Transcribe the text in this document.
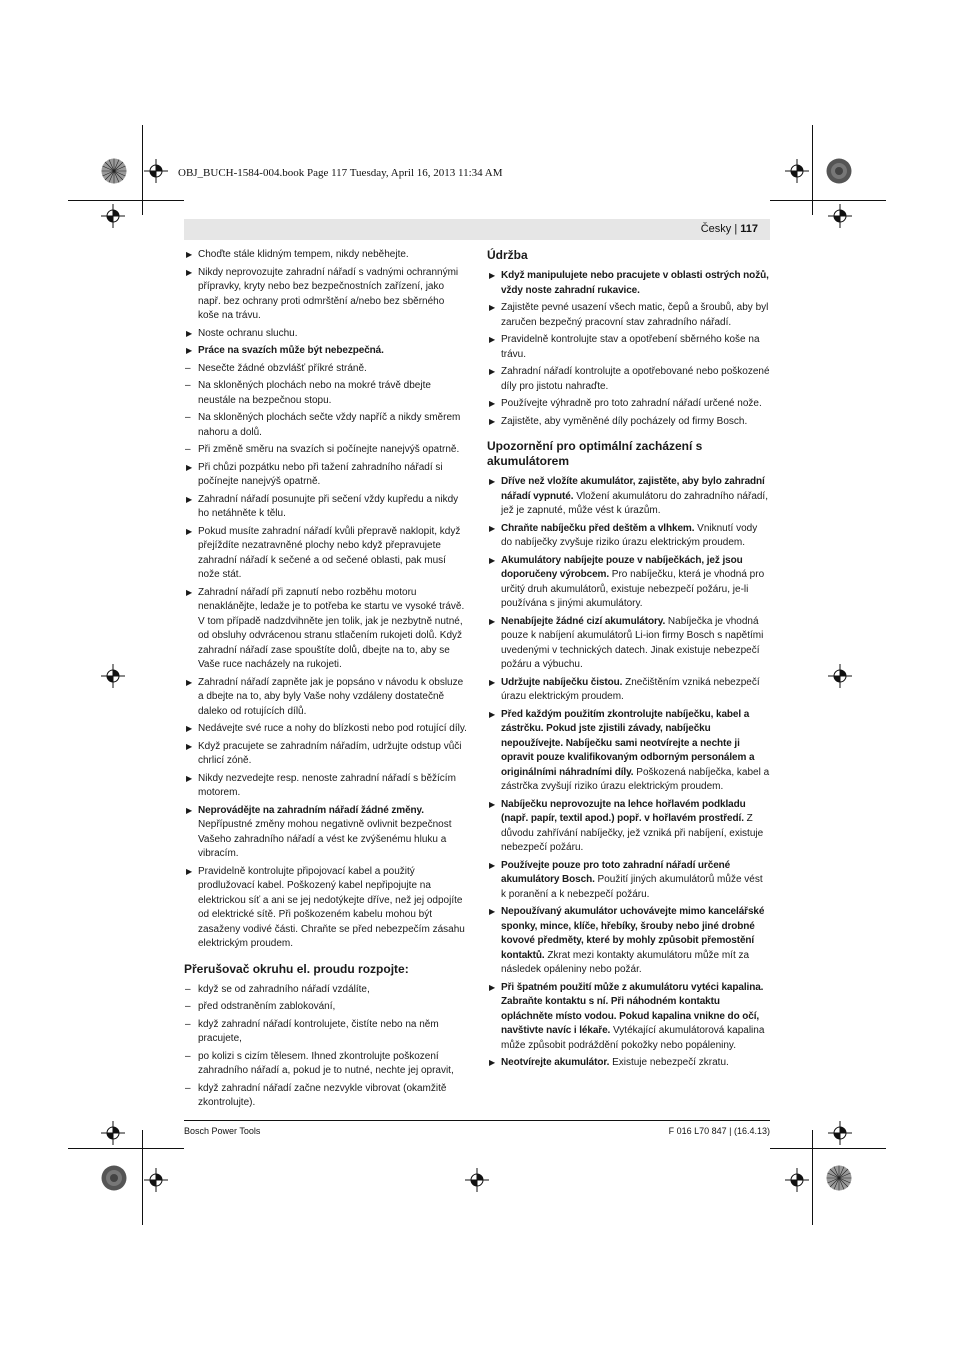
OBJ_BUCH-1584-004.book Page 117 Tuesday, April 16, 2013 11:34 AM
Česky | 117
▶ Choďte stále klidným tempem, nikdy neběhejte.
▶ Nikdy neprovozujte zahradní nářadí s vadnými ochrannými přípravky, kryty nebo bez bezpečnostních zařízení, jako např. bez ochrany proti odmrštění a/nebo bez sběrného koše na trávu.
▶ Noste ochranu sluchu.
▶ Práce na svazích může být nebezpečná.
– Nesečte žádné obzvlášť příkré stráně.
– Na skloněných plochách nebo na mokré trávě dbejte neustále na bezpečnou stopu.
– Na skloněných plochách sečte vždy napříč a nikdy směrem nahoru a dolů.
– Při změně směru na svazích si počínejte nanejvýš opatrně.
▶ Při chůzi pozpátku nebo při tažení zahradního nářadí si počínejte nanejvýš opatrně.
▶ Zahradní nářadí posunujte při sečení vždy kupředu a nikdy ho netáhněte k tělu.
▶ Pokud musíte zahradní nářadí kvůli přepravě naklopit, když přejíždíte nezatravněné plochy nebo když přepravujete zahradní nářadí k sečené a od sečené oblasti, pak musí nože stát.
▶ Zahradní nářadí při zapnutí nebo rozběhu motoru nenaklánějte, ledaže je to potřeba ke startu ve vysoké trávě. V tom případě nadzdvihněte jen tolik, jak je nezbytně nutné, od obsluhy odvrácenou stranu stlačením rukojeti dolů. Když zahradní nářadí zase spouštíte dolů, dbejte na to, aby se Vaše ruce nacházely na rukojeti.
▶ Zahradní nářadí zapněte jak je popsáno v návodu k obsluze a dbejte na to, aby byly Vaše nohy vzdáleny dostatečně daleko od rotujících dílů.
▶ Nedávejte své ruce a nohy do blízkosti nebo pod rotující díly.
▶ Když pracujete se zahradním nářadím, udržujte odstup vůči chrlicí zóně.
▶ Nikdy nezvedejte resp. nenoste zahradní nářadí s běžícím motorem.
▶ Neprovádějte na zahradním nářadí žádné změny. Nepřípustné změny mohou negativně ovlivnit bezpečnost Vašeho zahradního nářadí a vést ke zvýšenému hluku a vibracím.
▶ Pravidelně kontrolujte připojovací kabel a použitý prodlužovací kabel. Poškozený kabel nepřipojujte na elektrickou síť a ani se jej nedotýkejte dříve, než jej odpojíte od elektrické sítě. Při poškozeném kabelu mohou být zasaženy vodivé části. Chraňte se před nebezpečím zásahu elektrickým proudem.
Přerušovač okruhu el. proudu rozpojte:
– když se od zahradního nářadí vzdálíte,
– před odstraněním zablokování,
– když zahradní nářadí kontrolujete, čistíte nebo na něm pracujete,
– po kolizi s cizím tělesem. Ihned zkontrolujte poškození zahradního nářadí a, pokud je to nutné, nechte jej opravit,
– když zahradní nářadí začne nezvykle vibrovat (okamžitě zkontrolujte).
Údržba
▶ Když manipulujete nebo pracujete v oblasti ostrých nožů, vždy noste zahradní rukavice.
▶ Zajistěte pevné usazení všech matic, čepů a šroubů, aby byl zaručen bezpečný pracovní stav zahradního nářadí.
▶ Pravidelně kontrolujte stav a opotřebení sběrného koše na trávu.
▶ Zahradní nářadí kontrolujte a opotřebované nebo poškozené díly pro jistotu nahraďte.
▶ Používejte výhradně pro toto zahradní nářadí určené nože.
▶ Zajistěte, aby vyměněné díly pocházely od firmy Bosch.
Upozornění pro optimální zacházení s akumulátorem
▶ Dříve než vložíte akumulátor, zajistěte, aby bylo zahradní nářadí vypnuté. Vložení akumulátoru do zahradního nářadí, jež je zapnuté, může vést k úrazům.
▶ Chraňte nabíječku před deštěm a vlhkem. Vniknutí vody do nabíječky zvyšuje riziko úrazu elektrickým proudem.
▶ Akumulátory nabíjejte pouze v nabíječkách, jež jsou doporučeny výrobcem. Pro nabíječku, která je vhodná pro určitý druh akumulátorů, existuje nebezpečí požáru, je-li používána s jinými akumulátory.
▶ Nenabíjejte žádné cizí akumulátory. Nabíječka je vhodná pouze k nabíjení akumulátorů Li-ion firmy Bosch s napětími uvedenými v technických datech. Jinak existuje nebezpečí požáru a výbuchu.
▶ Udržujte nabíječku čistou. Znečištěním vzniká nebezpečí úrazu elektrickým proudem.
▶ Před každým použitím zkontrolujte nabíječku, kabel a zástrčku. Pokud jste zjistili závady, nabíječku nepoužívejte. Nabíječku sami neotvírejte a nechte ji opravit pouze kvalifikovaným odborným personálem a originálními náhradními díly. Poškozená nabíječka, kabel a zástrčka zvyšují riziko úrazu elektrickým proudem.
▶ Nabíječku neprovozujte na lehce hořlavém podkladu (např. papír, textil apod.) popř. v hořlavém prostředí. Z důvodu zahřívání nabíječky, jež vzniká při nabíjení, existuje nebezpečí požáru.
▶ Používejte pouze pro toto zahradní nářadí určené akumulátory Bosch. Použití jiných akumulátorů může vést k poranění a k nebezpečí požáru.
▶ Nepoužívaný akumulátor uchovávejte mimo kancelářské sponky, mince, klíče, hřebíky, šrouby nebo jiné drobné kovové předměty, které by mohly způsobit přemostění kontaktů. Zkrat mezi kontakty akumulátoru může mít za následek opáleniny nebo požár.
▶ Při špatném použití může z akumulátoru vytéci kapalina. Zabraňte kontaktu s ní. Při náhodném kontaktu opláchněte místo vodou. Pokud kapalina vnikne do očí, navštivte navíc i lékaře. Vytékající akumulátorová kapalina může způsobit podráždění pokožky nebo popáleniny.
▶ Neotvírejte akumulátor. Existuje nebezpečí zkratu.
Bosch Power Tools	F 016 L70 847 | (16.4.13)
